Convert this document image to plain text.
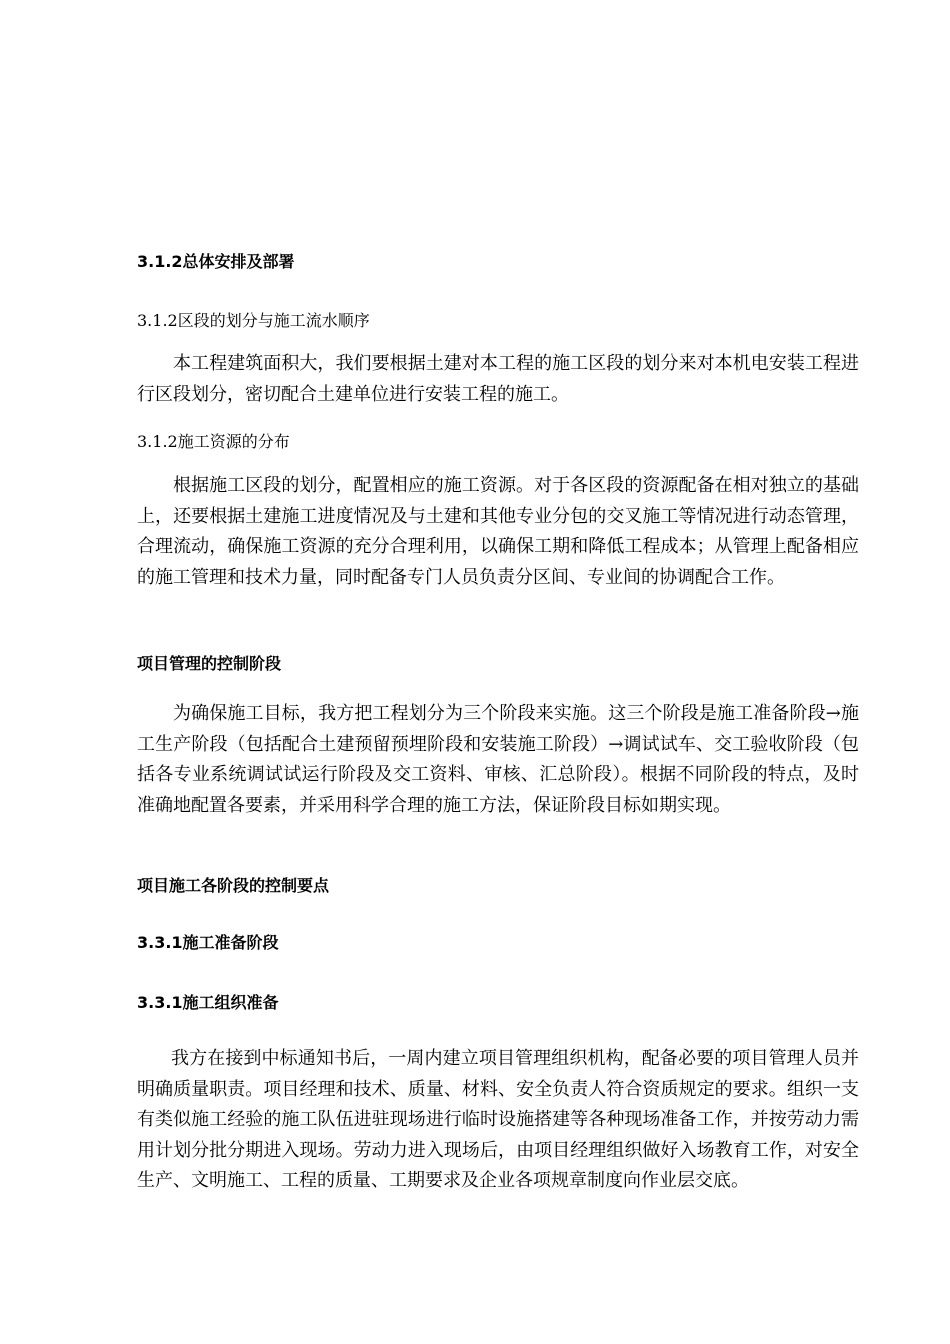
3.1.2总体安排及部署
3.1.2区段的划分与施工流水顺序

本工程建筑面积大，我们要根据土建对本工程的施工区段的划分来对本机电安装工程进行区段划分，密切配合土建单位进行安装工程的施工。

3.1.2施工资源的分布

根据施工区段的划分，配置相应的施工资源。对于各区段的资源配备在相对独立的基础上，还要根据土建施工进度情况及与土建和其他专业分包的交叉施工等情况进行动态管理，合理流动，确保施工资源的充分合理利用，以确保工期和降低工程成本；从管理上配备相应的施工管理和技术力量，同时配备专门人员负责分区间、专业间的协调配合工作。

项目管理的控制阶段

为确保施工目标，我方把工程划分为三个阶段来实施。这三个阶段是施工准备阶段→施工生产阶段（包括配合土建预留预埋阶段和安装施工阶段）→调试试车、交工验收阶段（包括各专业系统调试试运行阶段及交工资料、审核、汇总阶段）。根据不同阶段的特点，及时准确地配置各要素，并采用科学合理的施工方法，保证阶段目标如期实现。

项目施工各阶段的控制要点
3.3.1施工准备阶段
3.3.1施工组织准备

我方在接到中标通知书后，一周内建立项目管理组织机构，配备必要的项目管理人员并明确质量职责。项目经理和技术、质量、材料、安全负责人符合资质规定的要求。组织一支有类似施工经验的施工队伍进驻现场进行临时设施搭建等各种现场准备工作，并按劳动力需用计划分批分期进入现场。劳动力进入现场后，由项目经理组织做好入场教育工作，对安全生产、文明施工、工程的质量、工期要求及企业各项规章制度向作业层交底。
